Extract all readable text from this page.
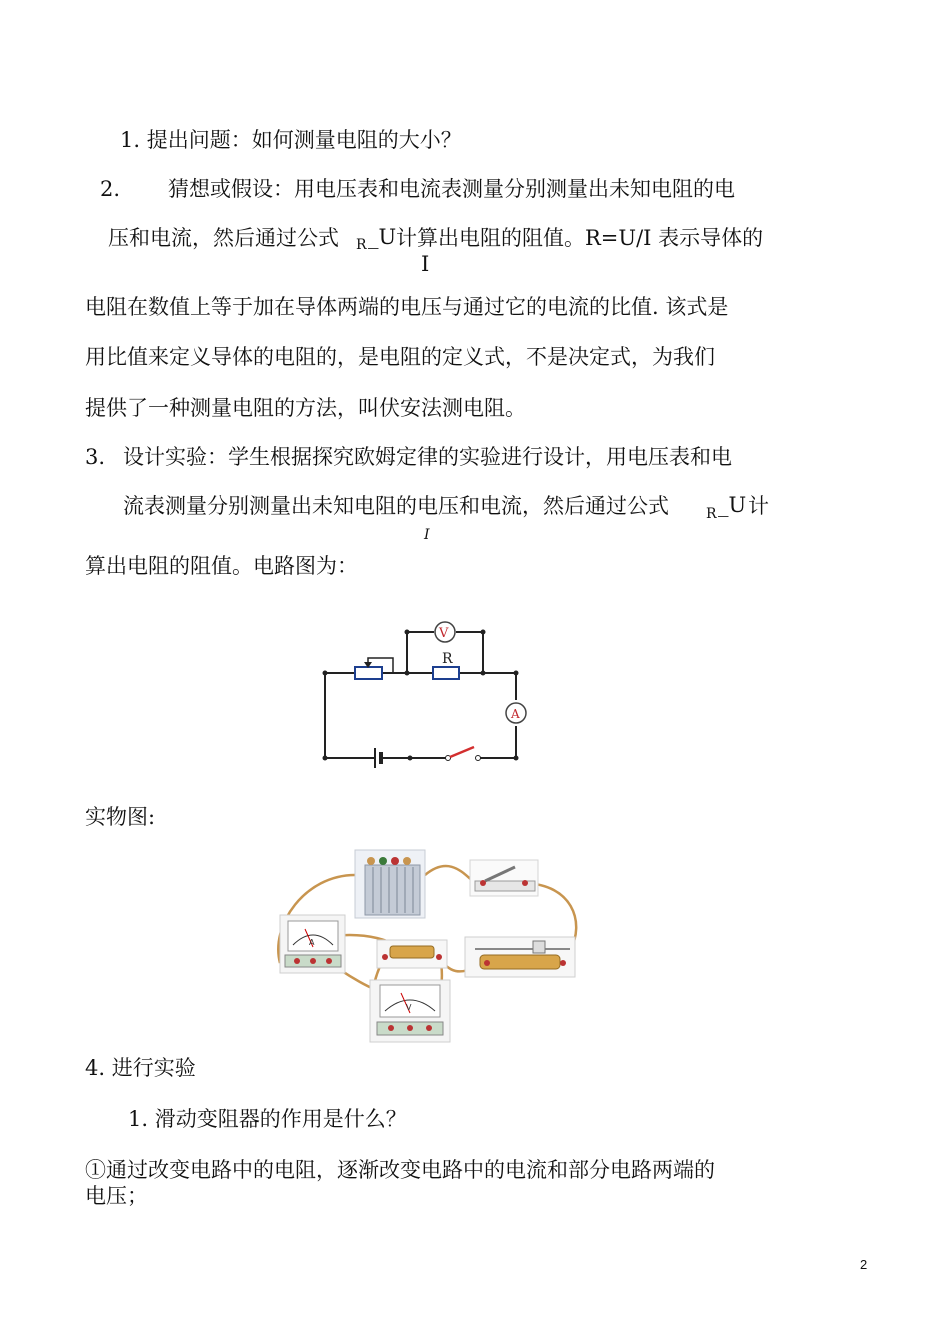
1. 提出问题：如何测量电阻的大小？
2. 猜想或假设：用电压表和电流表测量分别测量出未知电阻的电
压和电流，然后通过公式 R _U 计算出电阻的阻值。R=U/I 表示导体的
I
电阻在数值上等于加在导体两端的电压与通过它的电流的比值. 该式是
用比值来定义导体的电阻的，是电阻的定义式，不是决定式，为我们
提供了一种测量电阻的方法，叫伏安法测电阻。
3. 设计实验：学生根据探究欧姆定律的实验进行设计，用电压表和电
流表测量分别测量出未知电阻的电压和电流，然后通过公式	R _U 计
I
算出电阻的阻值。电路图为：
R
V
A
实物图:
A
V
4. 进行实验
1. 滑动变阻器的作用是什么？
①通过改变电路中的电阻，逐渐改变电路中的电流和部分电路两端的
电压；
2
